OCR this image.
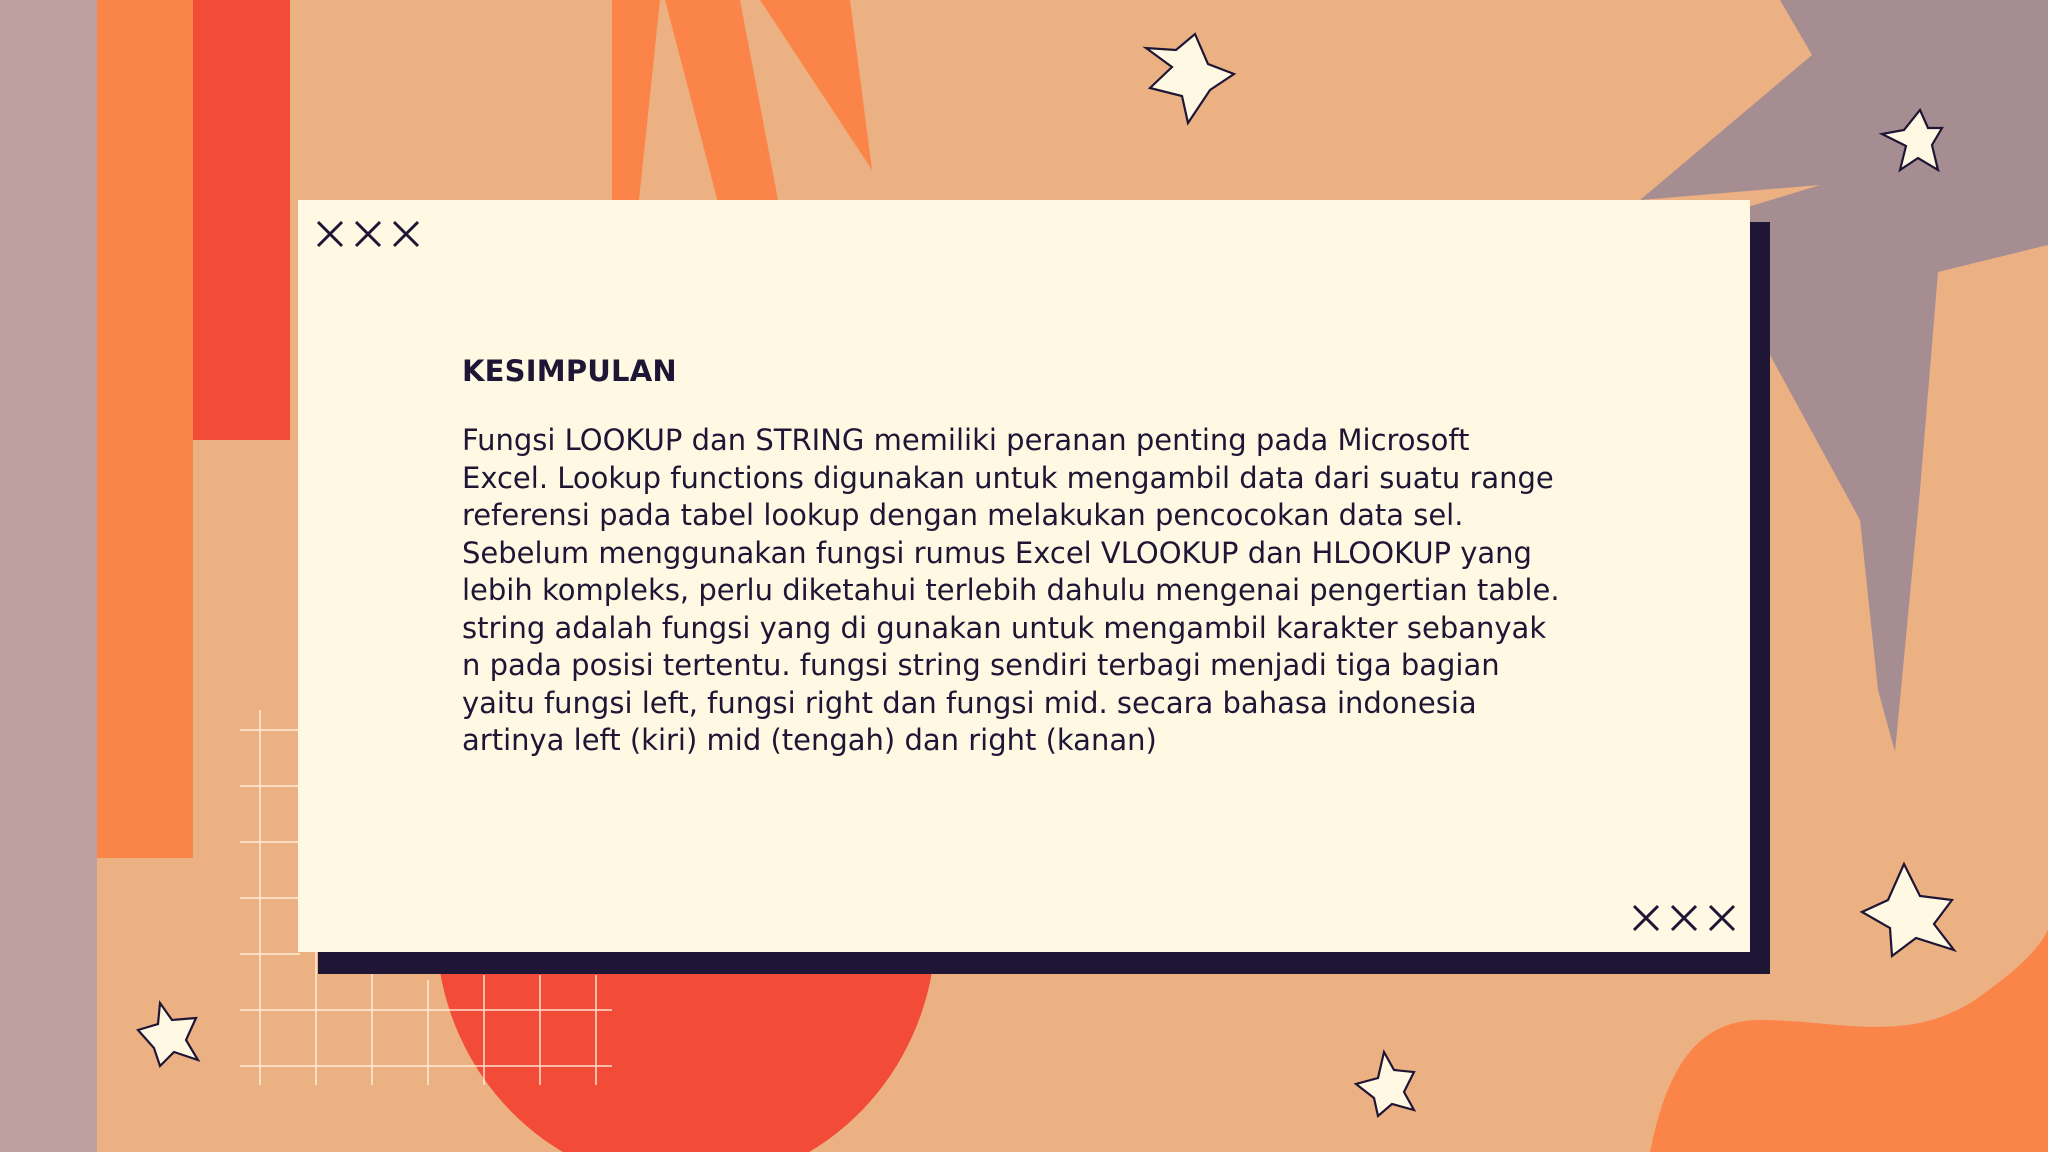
KESIMPULAN

Fungsi LOOKUP dan STRING memiliki peranan penting pada Microsoft
Excel. Lookup functions digunakan untuk mengambil data dari suatu range
referensi pada tabel lookup dengan melakukan pencocokan data sel.
Sebelum menggunakan fungsi rumus Excel VLOOKUP dan HLOOKUP yang
lebih kompleks, perlu diketahui terlebih dahulu mengenai pengertian table.
string adalah fungsi yang di gunakan untuk mengambil karakter sebanyak
n pada posisi tertentu. fungsi string sendiri terbagi menjadi tiga bagian
yaitu fungsi left, fungsi right dan fungsi mid. secara bahasa indonesia
artinya left (kiri) mid (tengah) dan right (kanan)
